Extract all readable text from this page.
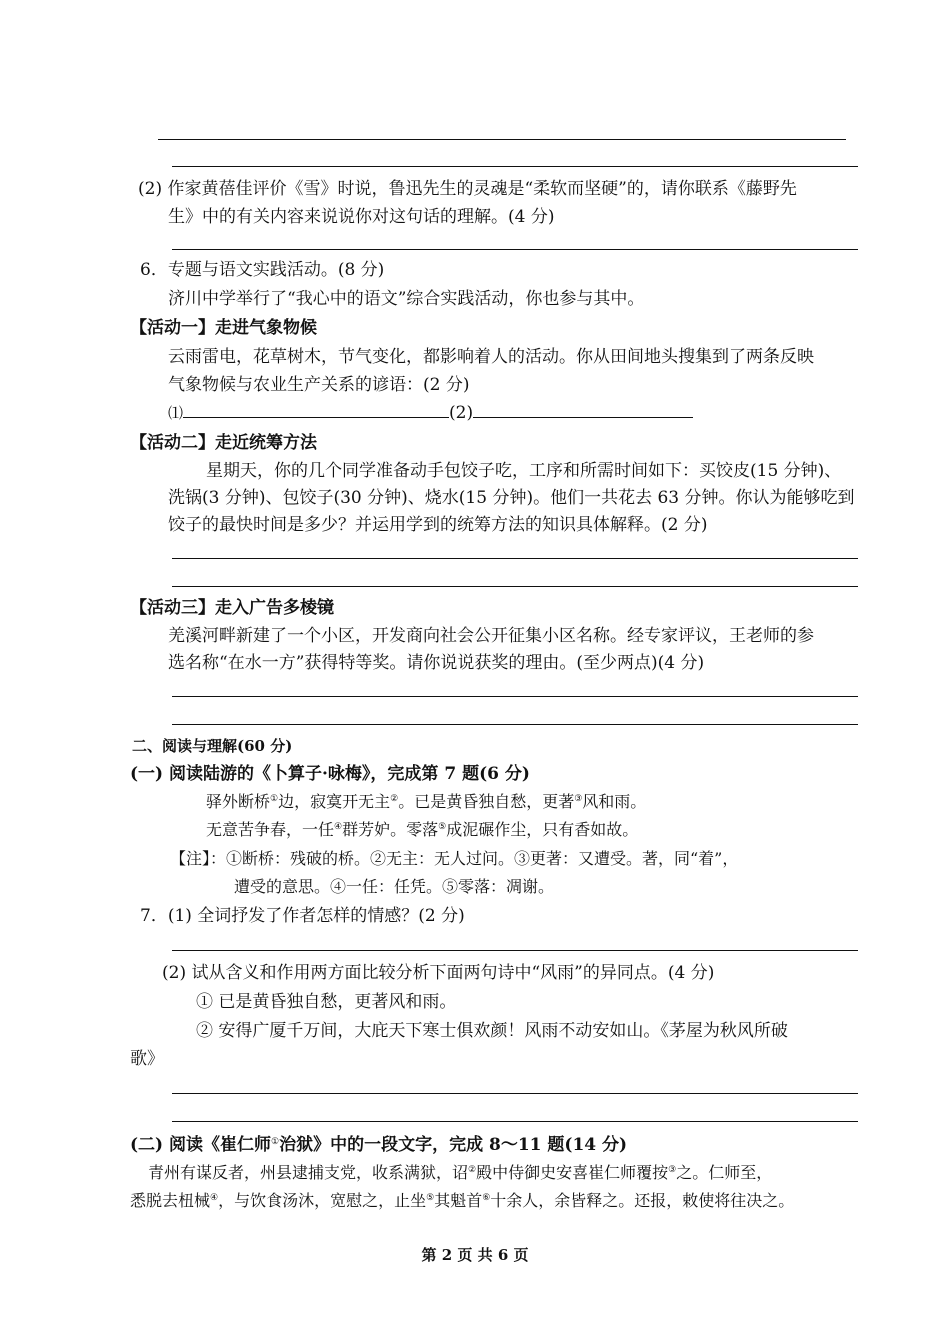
(2) 作家黄蓓佳评价《雪》时说，鲁迅先生的灵魂是“柔软而坚硬”的，请你联系《藤野先
生》中的有关内容来说说你对这句话的理解。(4 分)
6．专题与语文实践活动。(8 分)
济川中学举行了“我心中的语文”综合实践活动，你也参与其中。
【活动一】走进气象物候
云雨雷电，花草树木，节气变化，都影响着人的活动。你从田间地头搜集到了两条反映
气象物候与农业生产关系的谚语：(2 分)
⑴	(2)
【活动二】走近统筹方法
星期天，你的几个同学准备动手包饺子吃，工序和所需时间如下：买饺皮(15 分钟)、
洗锅(3 分钟)、包饺子(30 分钟)、烧水(15 分钟)。他们一共花去 63 分钟。你认为能够吃到
饺子的最快时间是多少？并运用学到的统筹方法的知识具体解释。(2 分)
【活动三】走入广告多棱镜
羌溪河畔新建了一个小区，开发商向社会公开征集小区名称。经专家评议，王老师的参
选名称“在水一方”获得特等奖。请你说说获奖的理由。(至少两点)(4 分)
二、阅读与理解(60 分)
(一) 阅读陆游的《卜算子·咏梅》，完成第 7 题(6 分)
驿外断桥①边，寂寞开无主②。已是黄昏独自愁，更著③风和雨。
无意苦争春，一任④群芳妒。零落⑤成泥碾作尘，只有香如故。
【注】：①断桥：残破的桥。②无主：无人过问。③更著：又遭受。著，同“着”，
遭受的意思。④一任：任凭。⑤零落：凋谢。
7．(1) 全词抒发了作者怎样的情感？(2 分)
(2) 试从含义和作用两方面比较分析下面两句诗中“风雨”的异同点。(4 分)
① 已是黄昏独自愁，更著风和雨。
② 安得广厦千万间，大庇天下寒士俱欢颜！风雨不动安如山。《茅屋为秋风所破
歌》
(二) 阅读《崔仁师①治狱》中的一段文字，完成 8～11 题(14 分)
青州有谋反者，州县逮捕支党，收系满狱，诏②殿中侍御史安喜崔仁师覆按③之。仁师至，
悉脱去杻械④，与饮食汤沐，宽慰之，止坐⑤其魁首⑥十余人，余皆释之。还报，敕使将往决之。
第 2 页 共 6 页
